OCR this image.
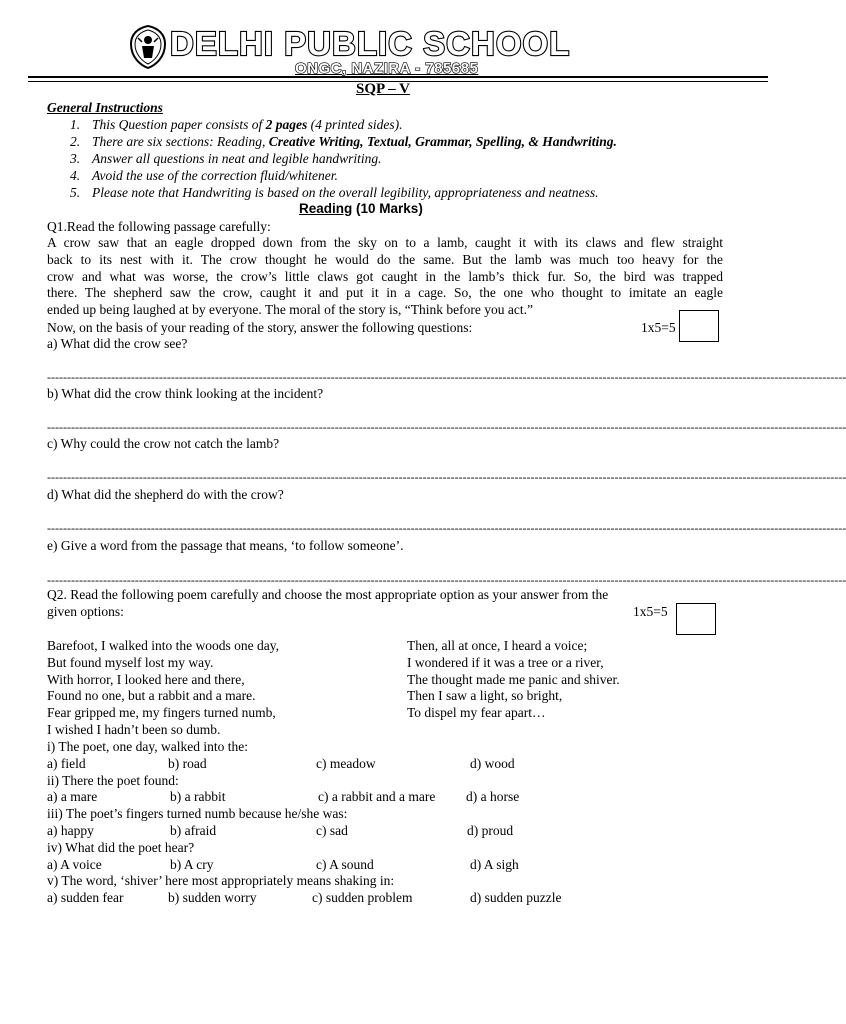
DELHI PUBLIC SCHOOL
ONGC, NAZIRA - 785685
SQP – V
General Instructions
1. This Question paper consists of 2 pages (4 printed sides).
2. There are six sections: Reading, Creative Writing, Textual, Grammar, Spelling, & Handwriting.
3. Answer all questions in neat and legible handwriting.
4. Avoid the use of the correction fluid/whitener.
5. Please note that Handwriting is based on the overall legibility, appropriateness and neatness.
Reading (10 Marks)
Q1.Read the following passage carefully:
A crow saw that an eagle dropped down from the sky on to a lamb, caught it with its claws and flew straight
back to its nest with it. The crow thought he would do the same. But the lamb was much too heavy for the
crow and what was worse, the crow’s little claws got caught in the lamb’s thick fur. So, the bird was trapped
there. The shepherd saw the crow, caught it and put it in a cage. So, the one who thought to imitate an eagle
ended up being laughed at by everyone. The moral of the story is, “Think before you act.”
Now, on the basis of your reading of the story, answer the following questions:	1x5=5
a) What did the crow see?
--------------------------------------------------------------------------------------------------------------------------------------------------------------------------------------------------------
b) What did the crow think looking at the incident?
--------------------------------------------------------------------------------------------------------------------------------------------------------------------------------------------------------
c) Why could the crow not catch the lamb?
--------------------------------------------------------------------------------------------------------------------------------------------------------------------------------------------------------
d) What did the shepherd do with the crow?
--------------------------------------------------------------------------------------------------------------------------------------------------------------------------------------------------------
e) Give a word from the passage that means, ‘to follow someone’.
--------------------------------------------------------------------------------------------------------------------------------------------------------------------------------------------------------
Q2. Read the following poem carefully and choose the most appropriate option as your answer from the
given options:	1x5=5
Barefoot, I walked into the woods one day,
But found myself lost my way.
With horror, I looked here and there,
Found no one, but a rabbit and a mare.
Fear gripped me, my fingers turned numb,
I wished I hadn’t been so dumb.
Then, all at once, I heard a voice;
I wondered if it was a tree or a river,
The thought made me panic and shiver.
Then I saw a light, so bright,
To dispel my fear apart…
i) The poet, one day, walked into the:
a) field	b) road	c) meadow	d) wood
ii) There the poet found:
a) a mare	b) a rabbit	c) a rabbit and a mare d) a horse
iii) The poet’s fingers turned numb because he/she was:
a) happy	b) afraid	c) sad	d) proud
iv) What did the poet hear?
a) A voice	b) A cry	c) A sound	d) A sigh
v) The word, ‘shiver’ here most appropriately means shaking in:
a) sudden fear	b) sudden worry	c) sudden problem	d) sudden puzzle
